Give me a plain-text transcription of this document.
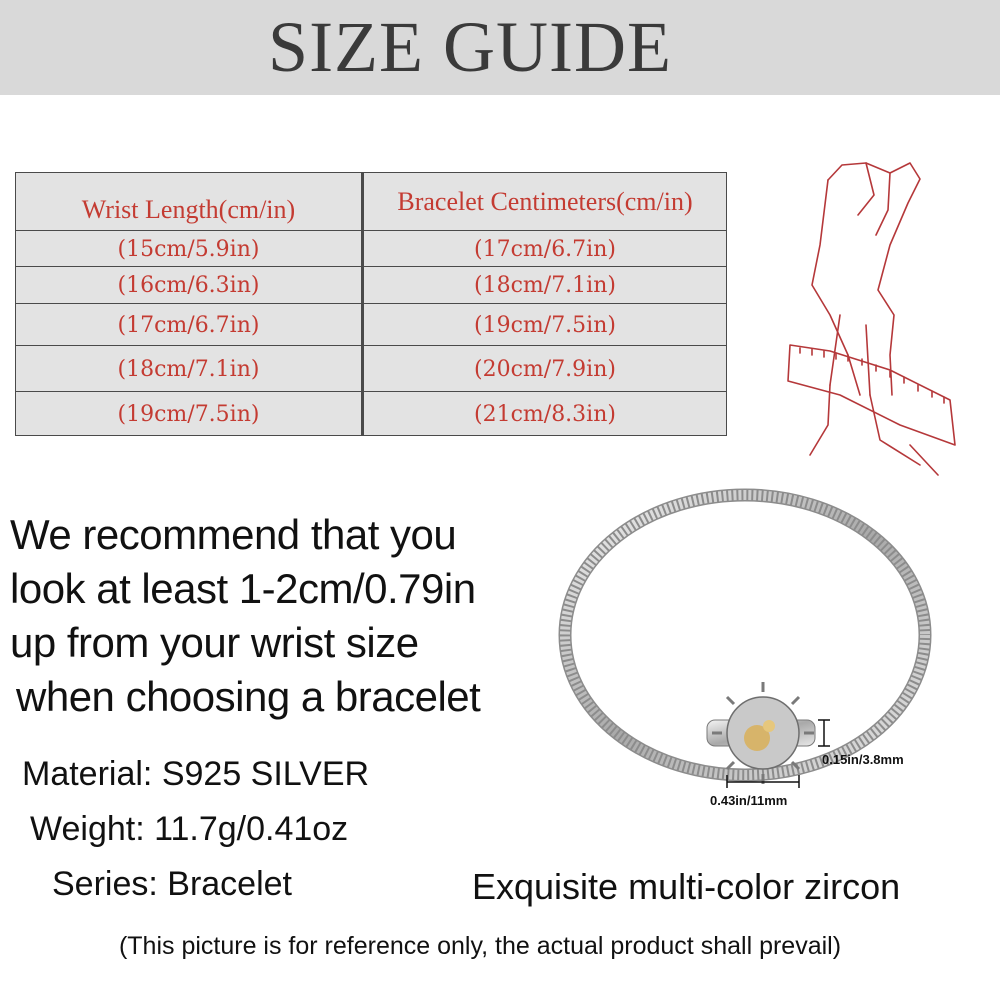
SIZE GUIDE
Wrist Length(cm/in)	Bracelet Centimeters(cm/in)
(15cm/5.9in)	(17cm/6.7in)
(16cm/6.3in)	(18cm/7.1in)
(17cm/6.7in)	(19cm/7.5in)
(18cm/7.1in)	(20cm/7.9in)
(19cm/7.5in)	(21cm/8.3in)
We recommend that you
look at least 1-2cm/0.79in
up from your wrist size
when choosing a bracelet
Material: S925 SILVER
Weight: 11.7g/0.41oz
Series: Bracelet
0.15in/3.8mm
0.43in/11mm
Exquisite multi-color zircon
(This picture is for reference only, the actual product shall prevail)
